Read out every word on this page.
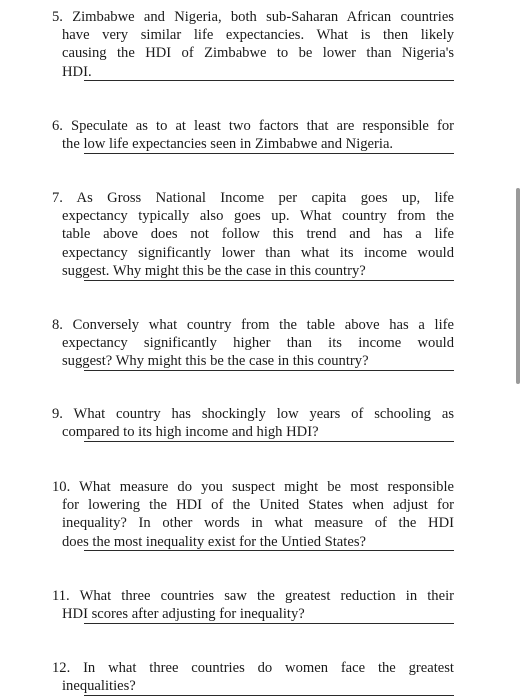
5. Zimbabwe and Nigeria, both sub-Saharan African countries
have very similar life expectancies. What is then likely
causing the HDI of Zimbabwe to be lower than Nigeria's
HDI.
6. Speculate as to at least two factors that are responsible for
the low life expectancies seen in Zimbabwe and Nigeria.
7. As Gross National Income per capita goes up, life
expectancy typically also goes up. What country from the
table above does not follow this trend and has a life
expectancy significantly lower than what its income would
suggest. Why might this be the case in this country?
8. Conversely what country from the table above has a life
expectancy significantly higher than its income would
suggest? Why might this be the case in this country?
9. What country has shockingly low years of schooling as
compared to its high income and high HDI?
10. What measure do you suspect might be most responsible
for lowering the HDI of the United States when adjust for
inequality? In other words in what measure of the HDI
does the most inequality exist for the Untied States?
11. What three countries saw the greatest reduction in their
HDI scores after adjusting for inequality?
12. In what three countries do women face the greatest
inequalities?
